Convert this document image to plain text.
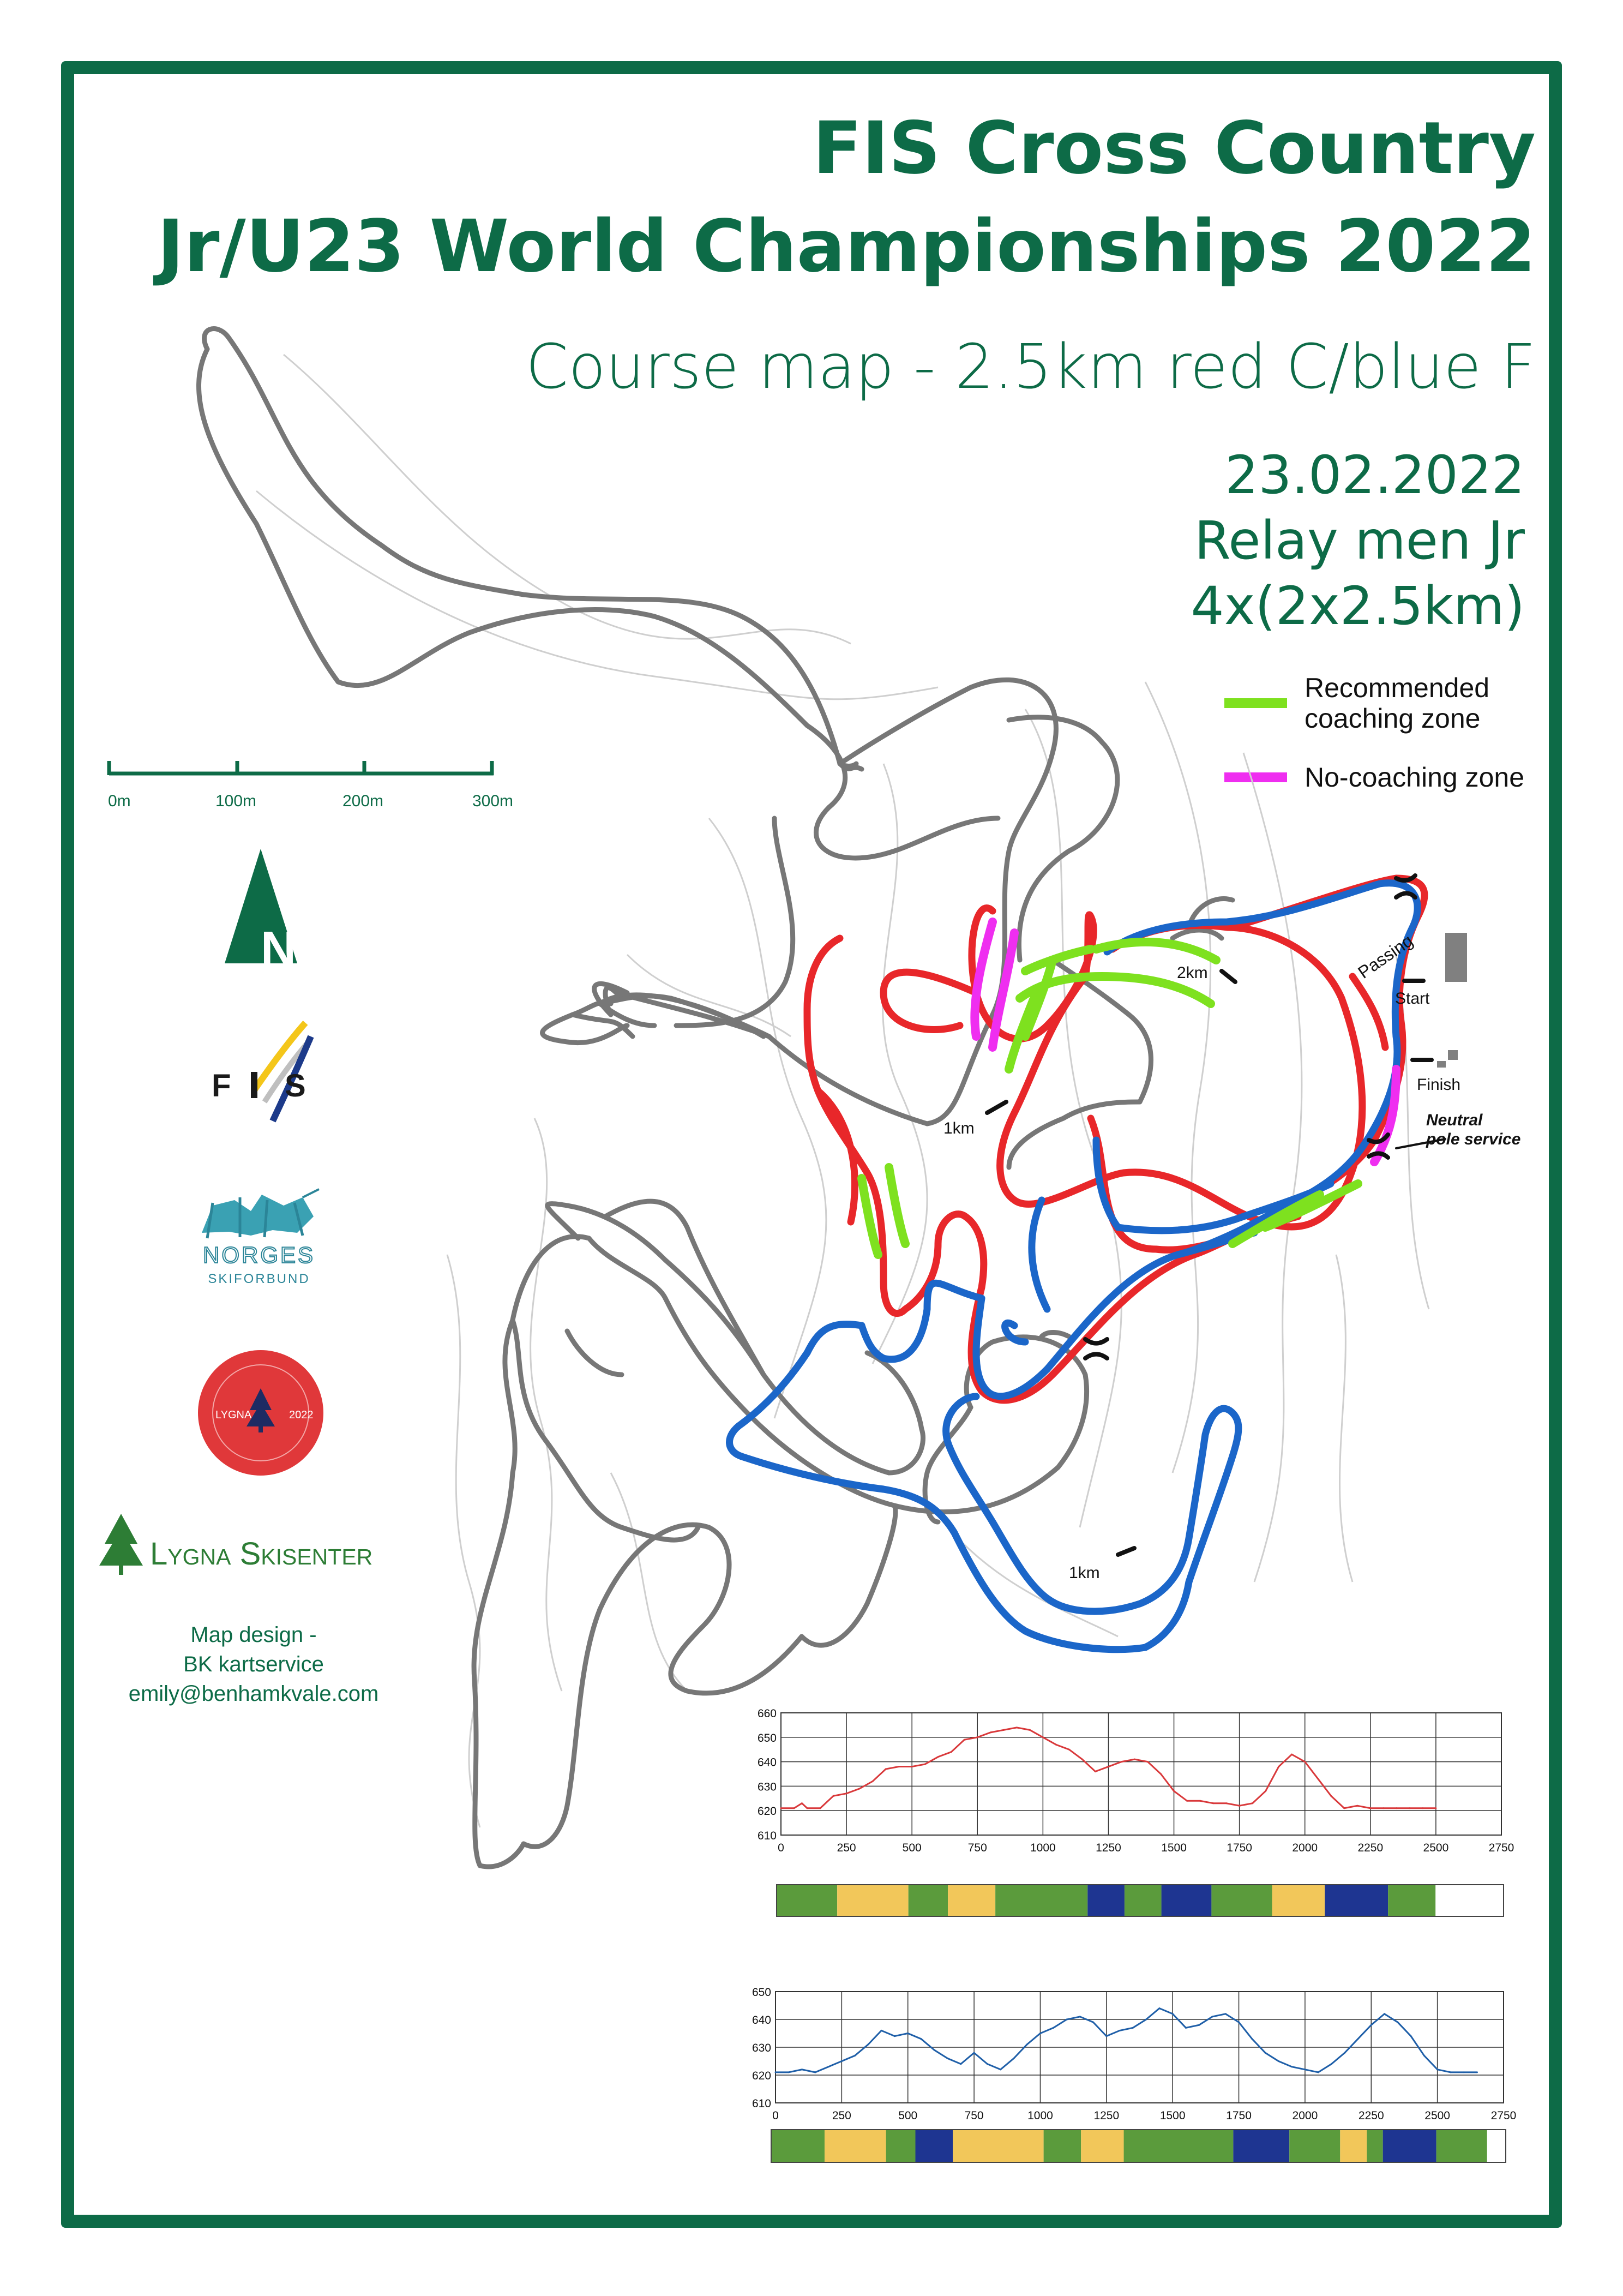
FIS Cross Country
Jr/U23 World Championships 2022
Course map - 2.5km red C/blue F
23.02.2022
Relay men Jr
4x(2x2.5km)
Recommended
coaching zone
No-coaching zone
1km
1km
2km
Start
Finish
Passing
Neutral
pole service
0m	100m	200m	300m
N
F S
NORGES
SKIFORBUND
LYGNA	2022
Lygna Skisenter
Map design -
BK kartservice
emily@benhamkvale.com
660
650
640
630
620
610
0	250	500	750	1000	1250	1500	1750	2000	2250	2500	2750
650
640
630
620
610
0	250	500	750	1000	1250	1500	1750	2000	2250	2500	2750
